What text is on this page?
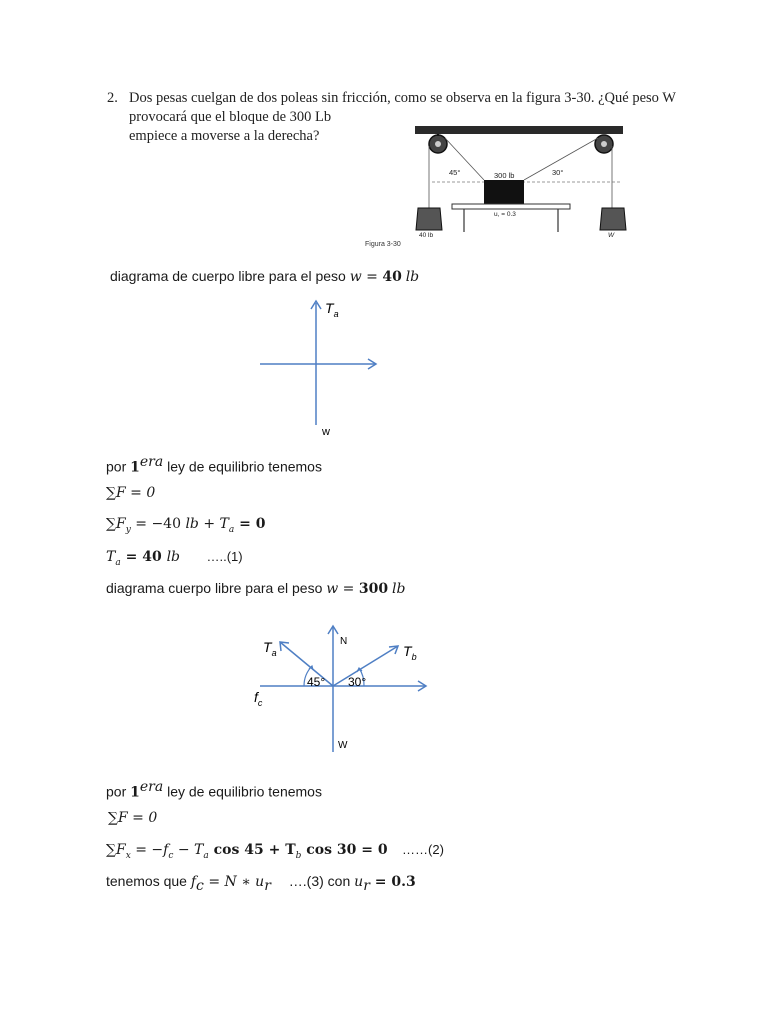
2. Dos pesas cuelgan de dos poleas sin fricción, como se observa en la figura 3-30. ¿Qué peso W
provocará que el bloque de 300 Lb
empiece a moverse a la derecha?
45°	30°
300 lb
u, = 0.3
40 lb	W
Figura 3-30
diagrama de cuerpo libre para el peso w = 40 lb
$T_a$
w
por $1^{era}$ ley de equilibrio tenemos
∑F = 0
$\sum F_y = -40$ lb + $T_a = 0$
$T_a = 40$ lb …..(1)
diagrama cuerpo libre para el peso w = 300 lb
N
W
45° 30°
$T_a$	$T_b$
$f_c$
por $1^{era}$ ley de equilibrio tenemos
∑F = 0
$\sum F_x = -f_c - T_a$ $\cos 45 + T_b$ cos 30 = 0 ……(2)
tenemos que $f_c = N$ ∗ $u_r$ ….(3) con $u_r = 0.3$
